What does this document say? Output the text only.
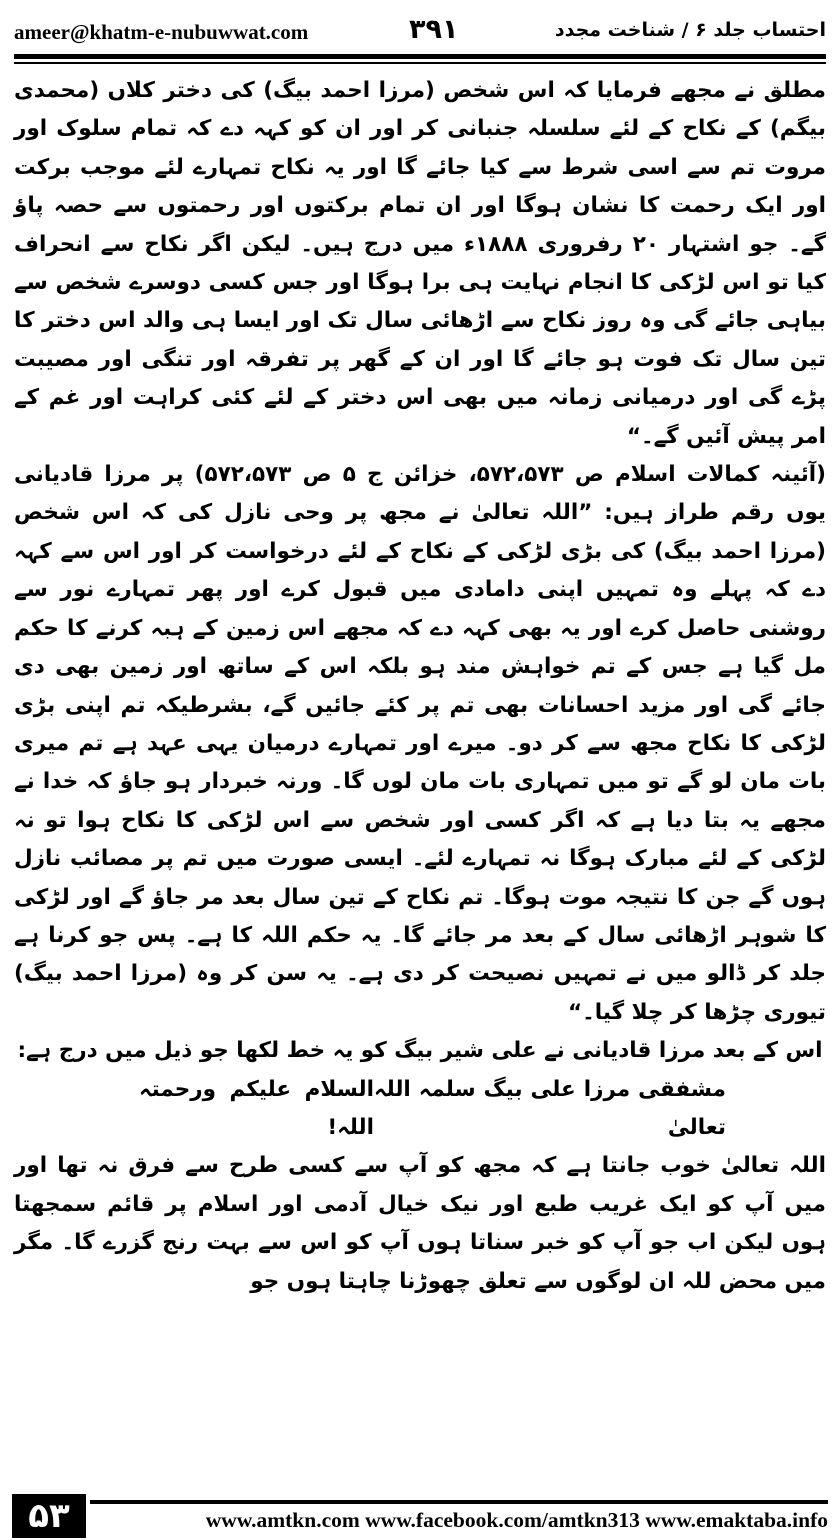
ameer@khatm-e-nubuwwat.com	۳۹۱	احتساب جلد ۶ / شناخت مجدد

مطلق نے مجھے فرمایا کہ اس شخص (مرزا احمد بیگ) کی دختر کلاں (محمدی بیگم) کے نکاح کے لئے سلسلہ جنبانی کر اور ان کو کہہ دے کہ تمام سلوک اور مروت تم سے اسی شرط سے کیا جائے گا اور یہ نکاح تمہارے لئے موجب برکت اور ایک رحمت کا نشان ہوگا اور ان تمام برکتوں اور رحمتوں سے حصہ پاؤ گے۔ جو اشتہار ۲۰ رفروری ۱۸۸۸ء میں درج ہیں۔ لیکن اگر نکاح سے انحراف کیا تو اس لڑکی کا انجام نہایت ہی برا ہوگا اور جس کسی دوسرے شخص سے بیاہی جائے گی وہ روز نکاح سے اڑھائی سال تک اور ایسا ہی والد اس دختر کا تین سال تک فوت ہو جائے گا اور ان کے گھر پر تفرقہ اور تنگی اور مصیبت پڑے گی اور درمیانی زمانہ میں بھی اس دختر کے لئے کئی کراہت اور غم کے امر پیش آئیں گے۔“

(آئینہ کمالات اسلام ص ۵۷۲،۵۷۳، خزائن ج ۵ ص ۵۷۲،۵۷۳) پر مرزا قادیانی یوں رقم طراز ہیں: ”اللہ تعالیٰ نے مجھ پر وحی نازل کی کہ اس شخص (مرزا احمد بیگ) کی بڑی لڑکی کے نکاح کے لئے درخواست کر اور اس سے کہہ دے کہ پہلے وہ تمہیں اپنی دامادی میں قبول کرے اور پھر تمہارے نور سے روشنی حاصل کرے اور یہ بھی کہہ دے کہ مجھے اس زمین کے ہبہ کرنے کا حکم مل گیا ہے جس کے تم خواہش مند ہو بلکہ اس کے ساتھ اور زمین بھی دی جائے گی اور مزید احسانات بھی تم پر کئے جائیں گے، بشرطیکہ تم اپنی بڑی لڑکی کا نکاح مجھ سے کر دو۔ میرے اور تمہارے درمیان یہی عہد ہے تم میری بات مان لو گے تو میں تمہاری بات مان لوں گا۔ ورنہ خبردار ہو جاؤ کہ خدا نے مجھے یہ بتا دیا ہے کہ اگر کسی اور شخص سے اس لڑکی کا نکاح ہوا تو نہ لڑکی کے لئے مبارک ہوگا نہ تمہارے لئے۔ ایسی صورت میں تم پر مصائب نازل ہوں گے جن کا نتیجہ موت ہوگا۔ تم نکاح کے تین سال بعد مر جاؤ گے اور لڑکی کا شوہر اڑھائی سال کے بعد مر جائے گا۔ یہ حکم اللہ کا ہے۔ پس جو کرنا ہے جلد کر ڈالو میں نے تمہیں نصیحت کر دی ہے۔ یہ سن کر وہ (مرزا احمد بیگ) تیوری چڑھا کر چلا گیا۔“

اس کے بعد مرزا قادیانی نے علی شیر بیگ کو یہ خط لکھا جو ذیل میں درج ہے:

مشفقی مرزا علی بیگ سلمہ اللہ تعالیٰ
السلام علیکم ورحمتہ اللہ!

اللہ تعالیٰ خوب جانتا ہے کہ مجھ کو آپ سے کسی طرح سے فرق نہ تھا اور میں آپ کو ایک غریب طبع اور نیک خیال آدمی اور اسلام پر قائم سمجھتا ہوں لیکن اب جو آپ کو خبر سناتا ہوں آپ کو اس سے بہت رنج گزرے گا۔ مگر میں محض للہ ان لوگوں سے تعلق چھوڑنا چاہتا ہوں جو

۵۳	www.amtkn.com www.facebook.com/amtkn313 www.emaktaba.info
